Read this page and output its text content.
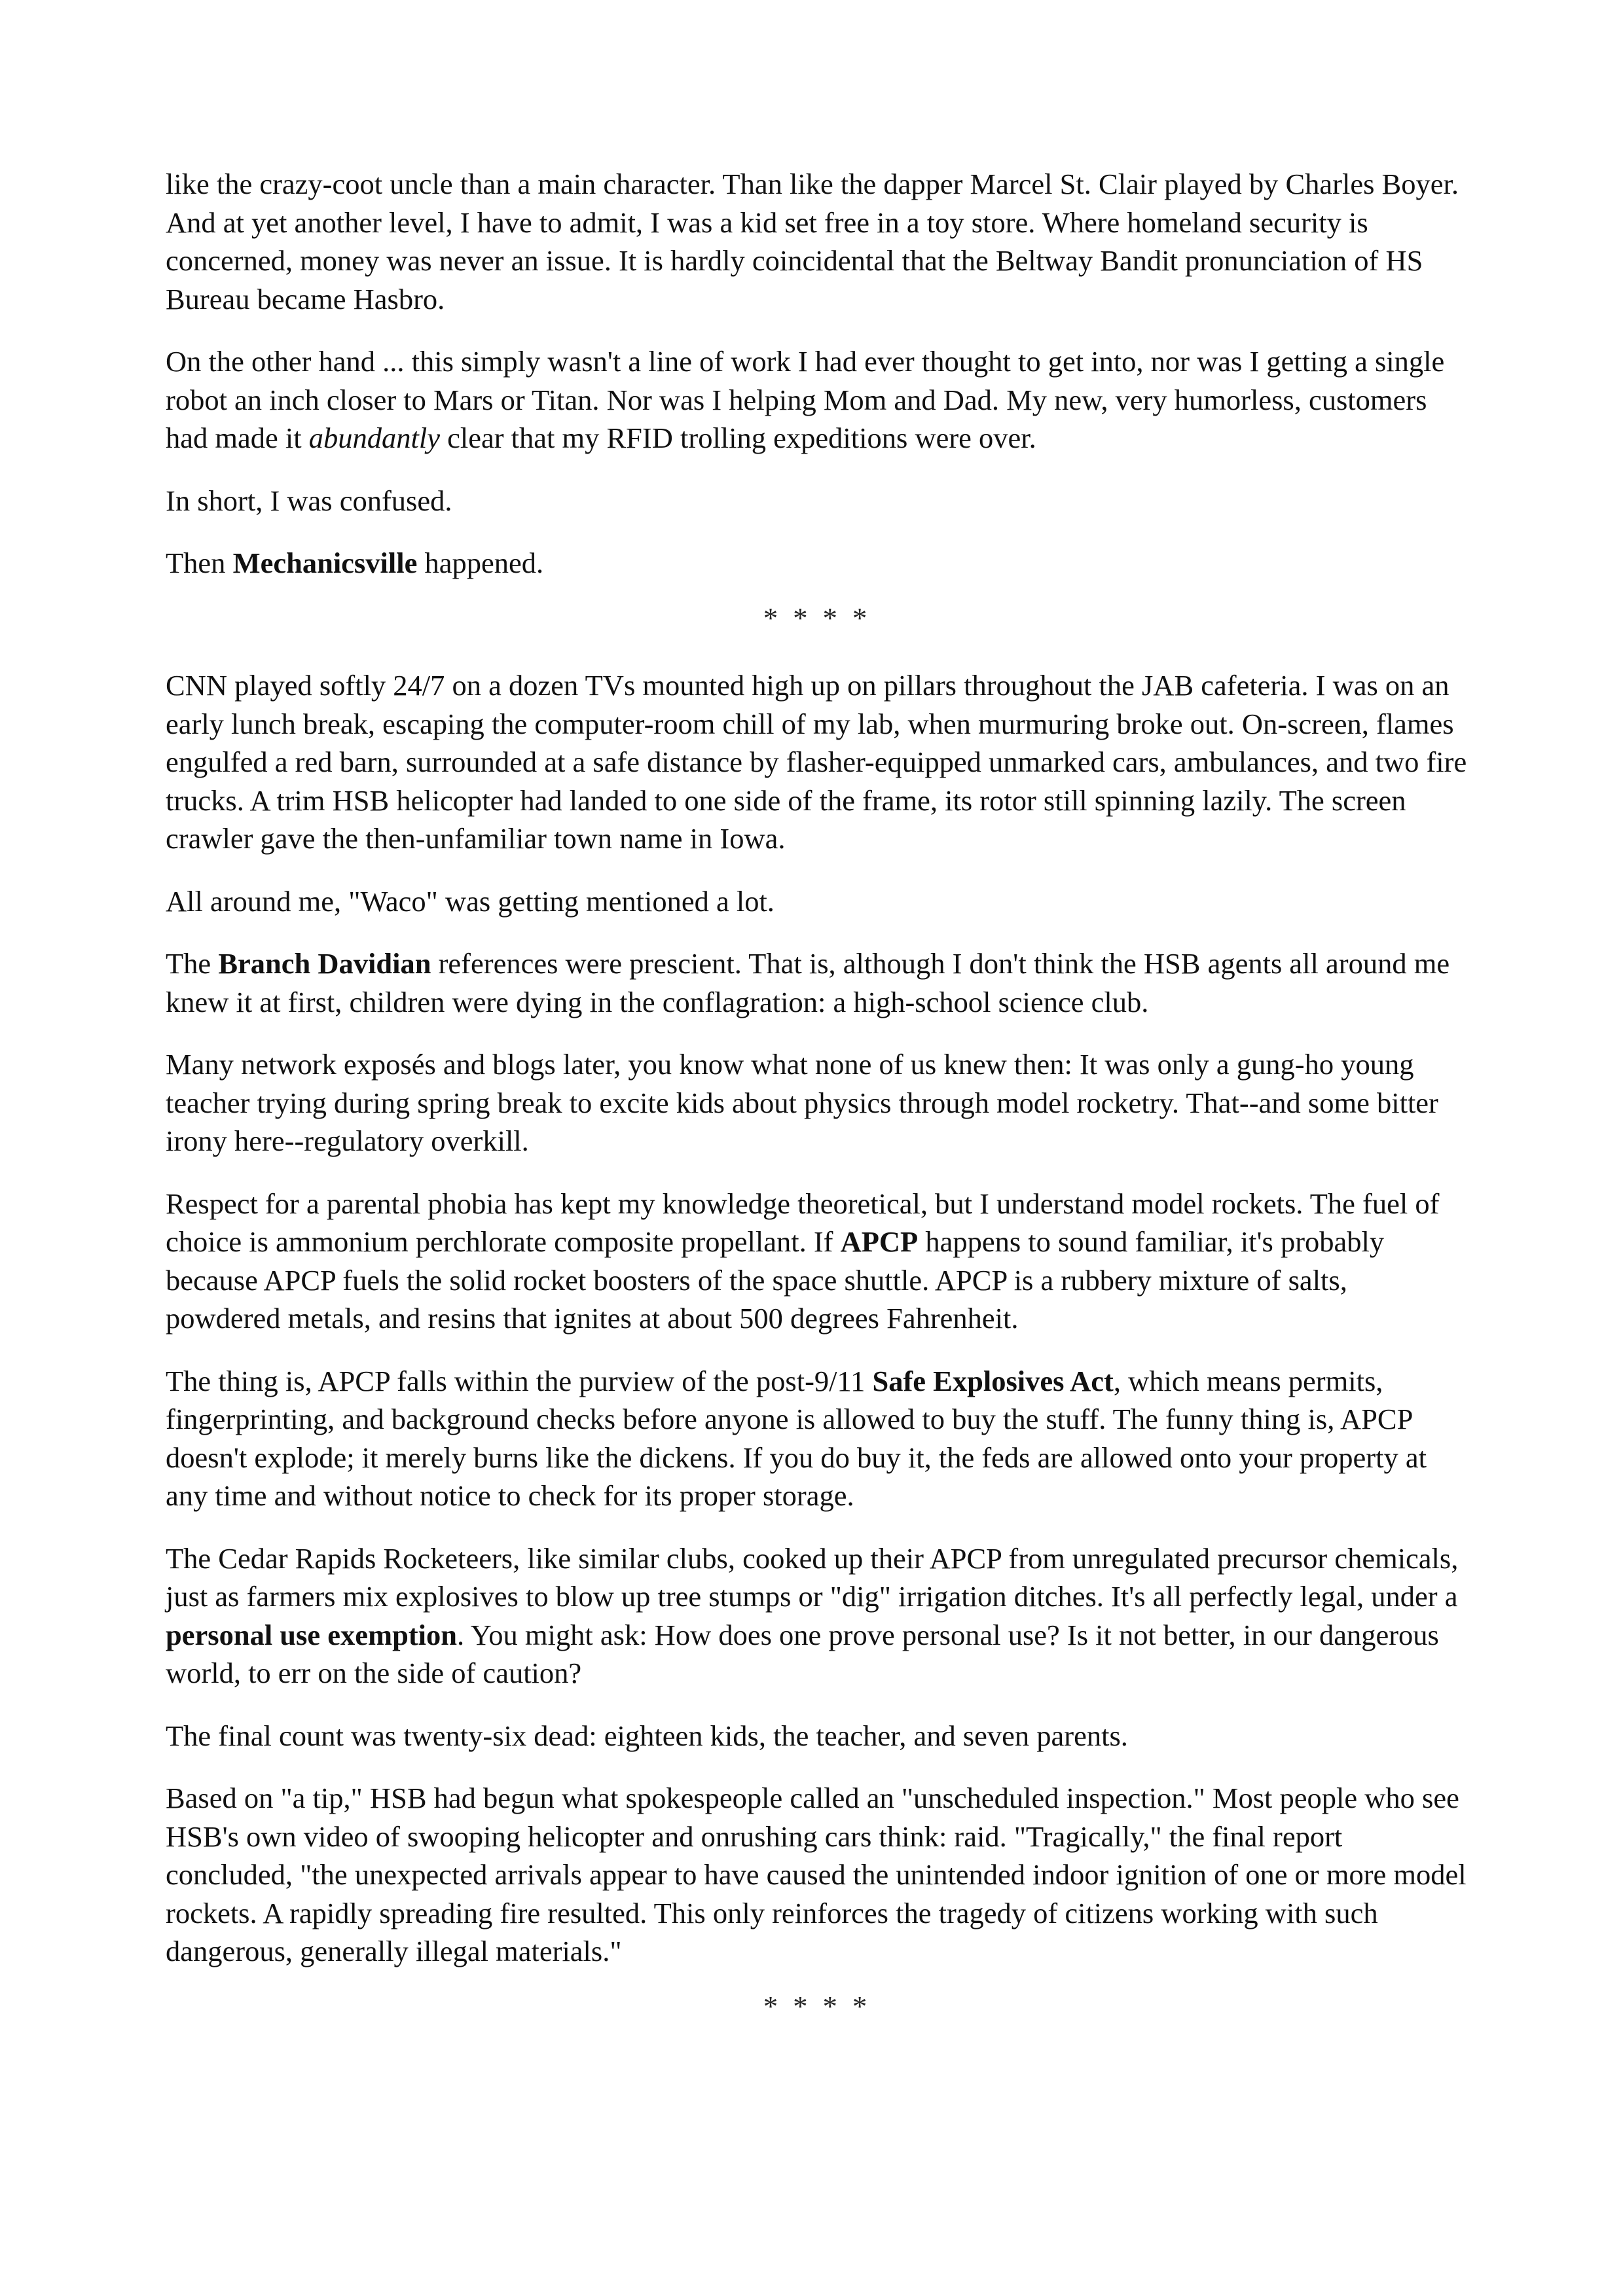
like the crazy-coot uncle than a main character. Than like the dapper Marcel St. Clair played by Charles Boyer. And at yet another level, I have to admit, I was a kid set free in a toy store. Where homeland security is concerned, money was never an issue. It is hardly coincidental that the Beltway Bandit pronunciation of HS Bureau became Hasbro.

On the other hand ... this simply wasn't a line of work I had ever thought to get into, nor was I getting a single robot an inch closer to Mars or Titan. Nor was I helping Mom and Dad. My new, very humorless, customers had made it abundantly clear that my RFID trolling expeditions were over.

In short, I was confused.

Then Mechanicsville happened.

* * * *

CNN played softly 24/7 on a dozen TVs mounted high up on pillars throughout the JAB cafeteria. I was on an early lunch break, escaping the computer-room chill of my lab, when murmuring broke out. On-screen, flames engulfed a red barn, surrounded at a safe distance by flasher-equipped unmarked cars, ambulances, and two fire trucks. A trim HSB helicopter had landed to one side of the frame, its rotor still spinning lazily. The screen crawler gave the then-unfamiliar town name in Iowa.

All around me, "Waco" was getting mentioned a lot.

The Branch Davidian references were prescient. That is, although I don't think the HSB agents all around me knew it at first, children were dying in the conflagration: a high-school science club.

Many network exposés and blogs later, you know what none of us knew then: It was only a gung-ho young teacher trying during spring break to excite kids about physics through model rocketry. That--and some bitter irony here--regulatory overkill.

Respect for a parental phobia has kept my knowledge theoretical, but I understand model rockets. The fuel of choice is ammonium perchlorate composite propellant. If APCP happens to sound familiar, it's probably because APCP fuels the solid rocket boosters of the space shuttle. APCP is a rubbery mixture of salts, powdered metals, and resins that ignites at about 500 degrees Fahrenheit.

The thing is, APCP falls within the purview of the post-9/11 Safe Explosives Act, which means permits, fingerprinting, and background checks before anyone is allowed to buy the stuff. The funny thing is, APCP doesn't explode; it merely burns like the dickens. If you do buy it, the feds are allowed onto your property at any time and without notice to check for its proper storage.

The Cedar Rapids Rocketeers, like similar clubs, cooked up their APCP from unregulated precursor chemicals, just as farmers mix explosives to blow up tree stumps or "dig" irrigation ditches. It's all perfectly legal, under a personal use exemption. You might ask: How does one prove personal use? Is it not better, in our dangerous world, to err on the side of caution?

The final count was twenty-six dead: eighteen kids, the teacher, and seven parents.

Based on "a tip," HSB had begun what spokespeople called an "unscheduled inspection." Most people who see HSB's own video of swooping helicopter and onrushing cars think: raid. "Tragically," the final report concluded, "the unexpected arrivals appear to have caused the unintended indoor ignition of one or more model rockets. A rapidly spreading fire resulted. This only reinforces the tragedy of citizens working with such dangerous, generally illegal materials."

* * * *
